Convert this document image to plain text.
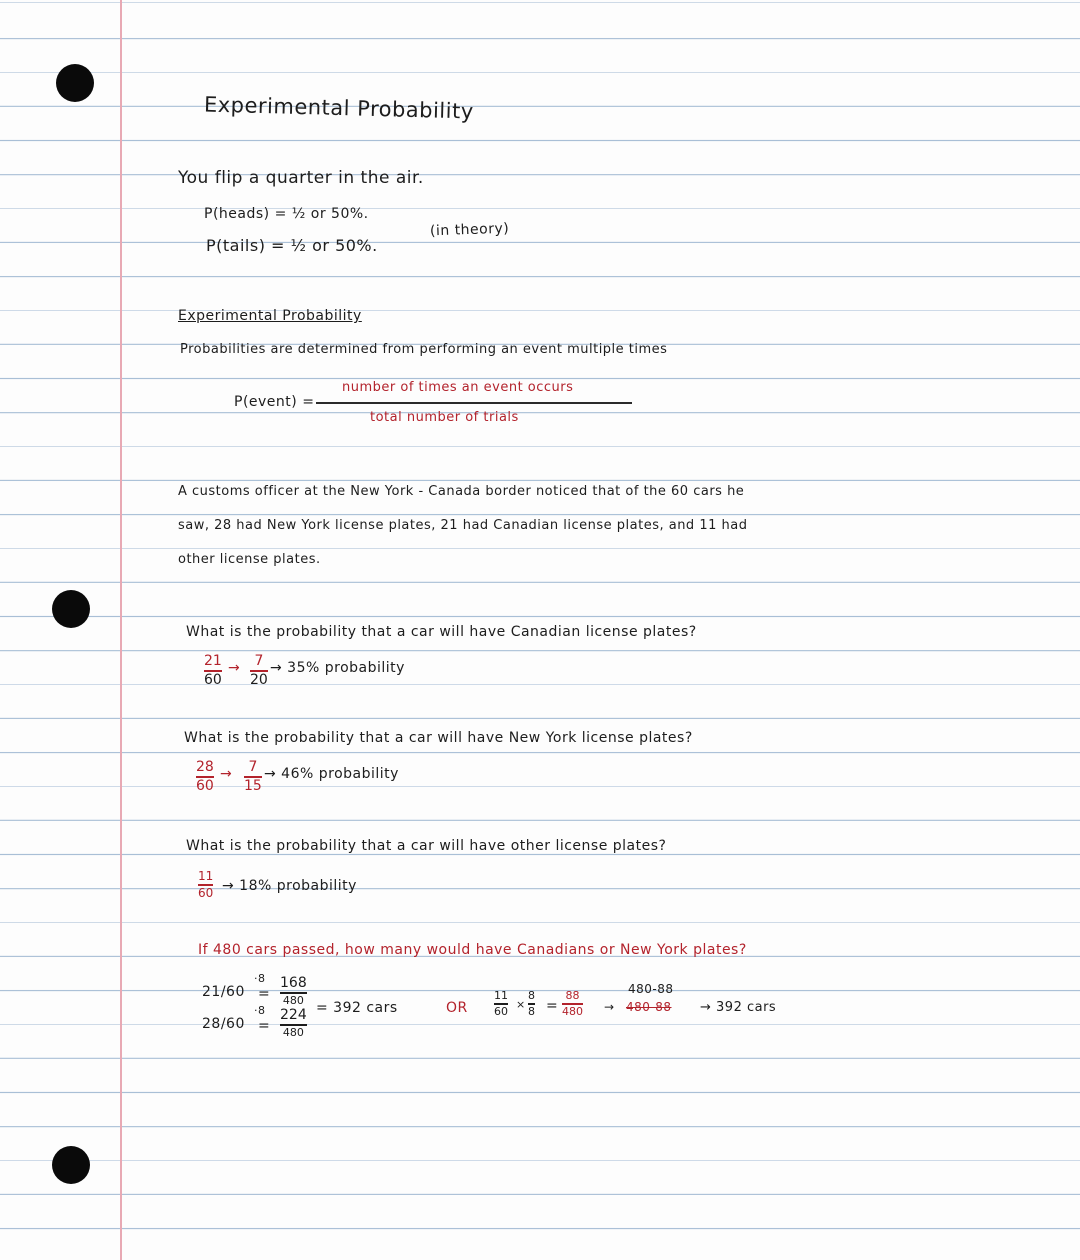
Experimental Probability
You flip a quarter in the air.
P(heads) = ½ or 50%.
P(tails) = ½ or 50%.
(in theory)
Experimental Probability
Probabilities are determined from performing an event multiple times
P(event) =
number of times an event occurs
total number of trials
A customs officer at the New York - Canada border noticed that of the 60 cars he
saw, 28 had New York license plates, 21 had Canadian license plates, and 11 had
other license plates.
What is the probability that a car will have Canadian license plates?
21
60
→ 7
20
→ 35% probability
What is the probability that a car will have New York license plates?
28
60
→ 7
15
→ 46% probability
What is the probability that a car will have other license plates?
11
60 → 18% probability
If 480 cars passed, how many would have Canadians or New York plates?
21/60
·8
=
168
480
28/60
·8
=
224
480
= 392 cars	OR
11
60
×
8
8 =
88
480 →
480-88
480-88 → 392 cars
